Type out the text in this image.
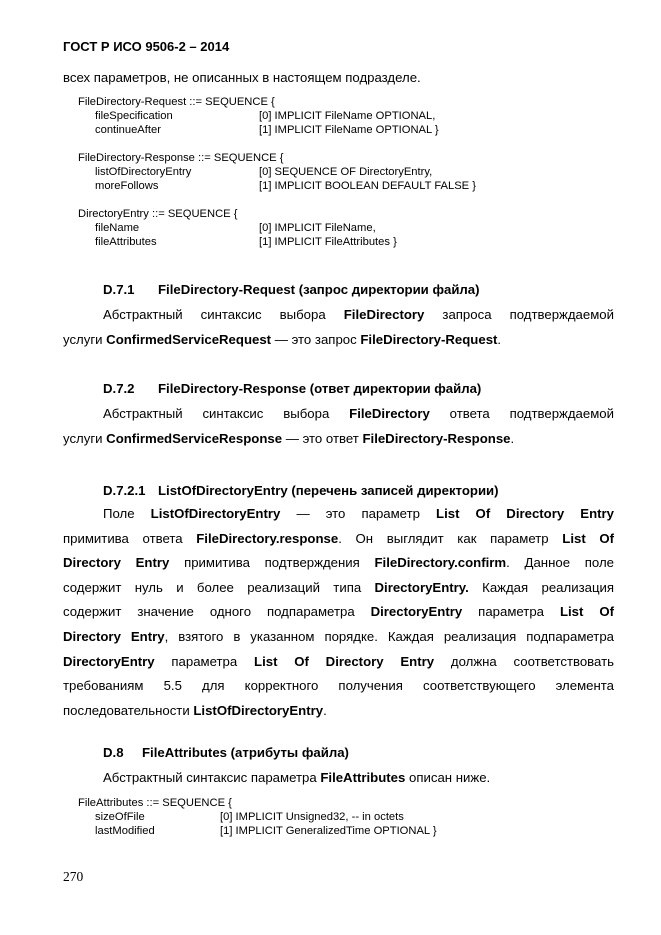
ГОСТ Р ИСО 9506-2 – 2014
всех параметров, не описанных в настоящем подразделе.
FileDirectory-Request ::= SEQUENCE {
fileSpecification	[0] IMPLICIT FileName OPTIONAL,
continueAfter	[1] IMPLICIT FileName OPTIONAL }
FileDirectory-Response ::= SEQUENCE {
listOfDirectoryEntry	[0] SEQUENCE OF DirectoryEntry,
moreFollows	[1] IMPLICIT BOOLEAN DEFAULT FALSE }
DirectoryEntry ::= SEQUENCE {
fileName	[0] IMPLICIT FileName,
fileAttributes	[1] IMPLICIT FileAttributes }
D.7.1 FileDirectory-Request (запрос директории файла)
Абстрактный синтаксис выбора FileDirectory запроса подтверждаемой
услуги ConfirmedServiceRequest — это запрос FileDirectory-Request.
D.7.2 FileDirectory-Response (ответ директории файла)
Абстрактный синтаксис выбора FileDirectory ответа подтверждаемой
услуги ConfirmedServiceResponse — это ответ FileDirectory-Response.
D.7.2.1 ListOfDirectoryEntry (перечень записей директории)
Поле ListOfDirectoryEntry — это параметр List Of Directory Entry
примитива ответа FileDirectory.response. Он выглядит как параметр List Of
Directory Entry примитива подтверждения FileDirectory.confirm. Данное поле
содержит нуль и более реализаций типа DirectoryEntry. Каждая реализация
содержит значение одного подпараметра DirectoryEntry параметра List Of
Directory Entry, взятого в указанном порядке. Каждая реализация подпараметра
DirectoryEntry параметра List Of Directory Entry должна соответствовать
требованиям 5.5 для корректного получения соответствующего элемента
последовательности ListOfDirectoryEntry.
D.8 FileAttributes (атрибуты файла)
Абстрактный синтаксис параметра FileAttributes описан ниже.
FileAttributes ::= SEQUENCE {
sizeOfFile	[0] IMPLICIT Unsigned32, -- in octets
lastModified	[1] IMPLICIT GeneralizedTime OPTIONAL }
270
